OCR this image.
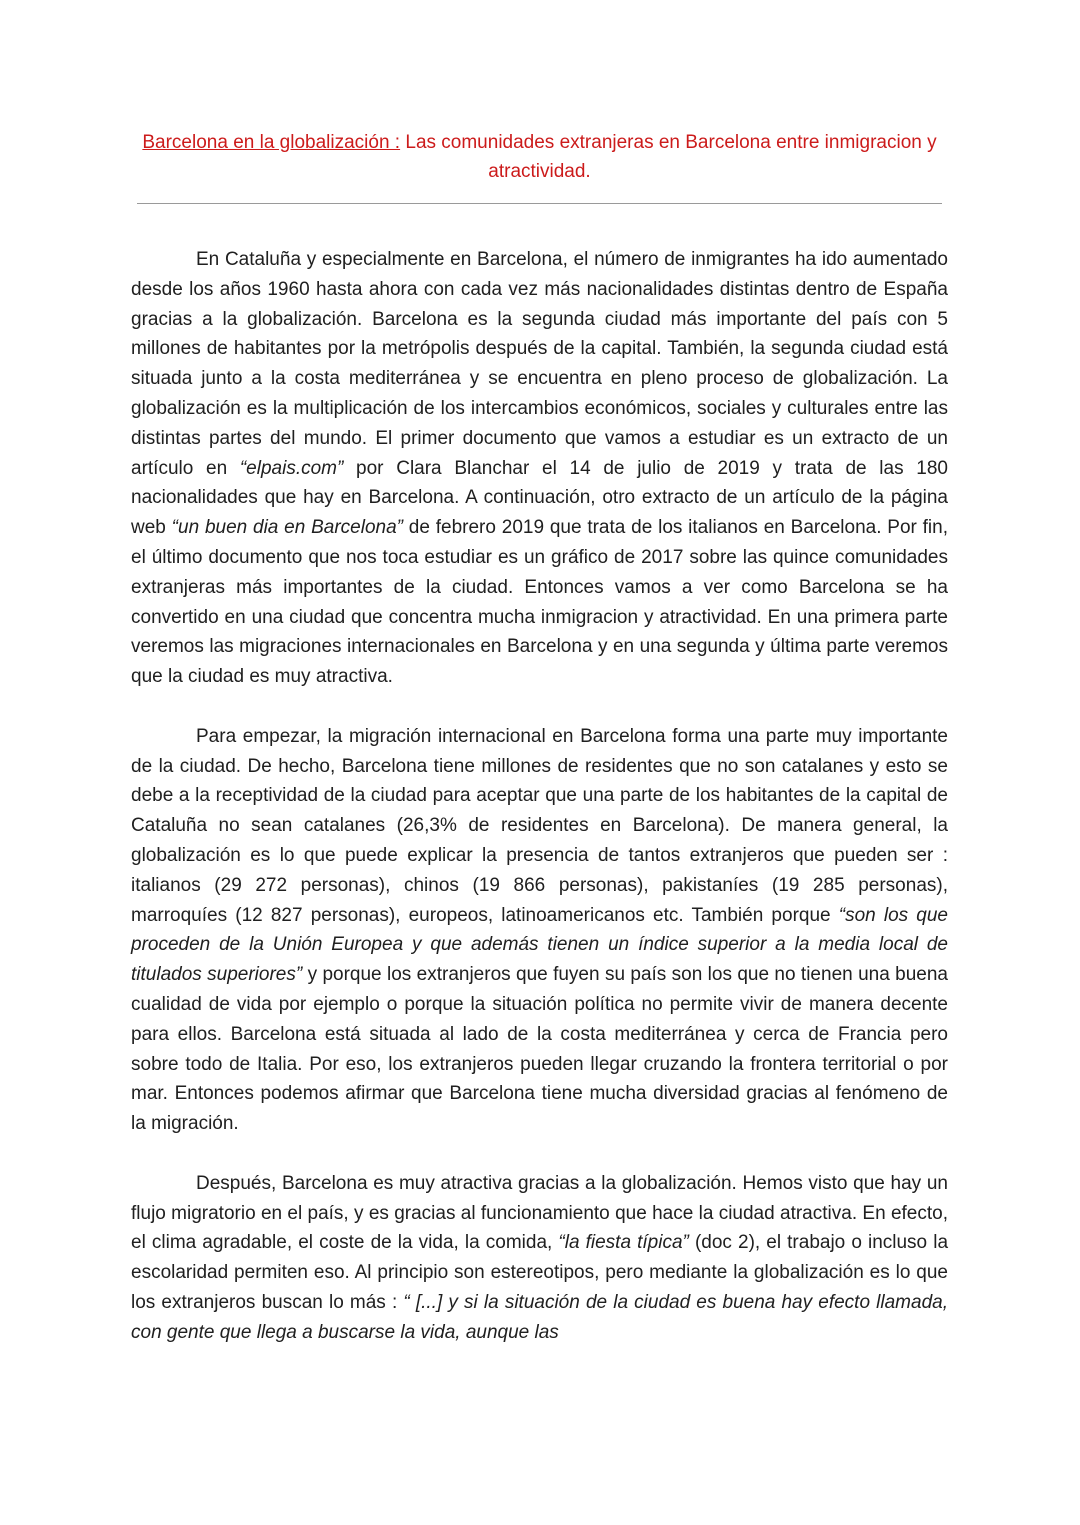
Barcelona en la globalización : Las comunidades extranjeras en Barcelona entre inmigracion y atractividad.

En Cataluña y especialmente en Barcelona, el número de inmigrantes ha ido aumentado desde los años 1960 hasta ahora con cada vez más nacionalidades distintas dentro de España gracias a la globalización. Barcelona es la segunda ciudad más importante del país con 5 millones de habitantes por la metrópolis después de la capital. También, la segunda ciudad está situada junto a la costa mediterránea y se encuentra en pleno proceso de globalización. La globalización es la multiplicación de los intercambios económicos, sociales y culturales entre las distintas partes del mundo. El primer documento que vamos a estudiar es un extracto de un artículo en “elpais.com” por Clara Blanchar el 14 de julio de 2019 y trata de las 180 nacionalidades que hay en Barcelona. A continuación, otro extracto de un artículo de la página web “un buen dia en Barcelona” de febrero 2019 que trata de los italianos en Barcelona. Por fin, el último documento que nos toca estudiar es un gráfico de 2017 sobre las quince comunidades extranjeras más importantes de la ciudad. Entonces vamos a ver como Barcelona se ha convertido en una ciudad que concentra mucha inmigracion y atractividad. En una primera parte veremos las migraciones internacionales en Barcelona y en una segunda y última parte veremos que la ciudad es muy atractiva.

Para empezar, la migración internacional en Barcelona forma una parte muy importante de la ciudad. De hecho, Barcelona tiene millones de residentes que no son catalanes y esto se debe a la receptividad de la ciudad para aceptar que una parte de los habitantes de la capital de Cataluña no sean catalanes (26,3% de residentes en Barcelona). De manera general, la globalización es lo que puede explicar la presencia de tantos extranjeros que pueden ser : italianos (29 272 personas), chinos (19 866 personas), pakistaníes (19 285 personas), marroquíes (12 827 personas), europeos, latinoamericanos etc. También porque “son los que proceden de la Unión Europea y que además tienen un índice superior a la media local de titulados superiores” y porque los extranjeros que fuyen su país son los que no tienen una buena cualidad de vida por ejemplo o porque la situación política no permite vivir de manera decente para ellos. Barcelona está situada al lado de la costa mediterránea y cerca de Francia pero sobre todo de Italia. Por eso, los extranjeros pueden llegar cruzando la frontera territorial o por mar. Entonces podemos afirmar que Barcelona tiene mucha diversidad gracias al fenómeno de la migración.

Después, Barcelona es muy atractiva gracias a la globalización. Hemos visto que hay un flujo migratorio en el país, y es gracias al funcionamiento que hace la ciudad atractiva. En efecto, el clima agradable, el coste de la vida, la comida, “la fiesta típica” (doc 2), el trabajo o incluso la escolaridad permiten eso. Al principio son estereotipos, pero mediante la globalización es lo que los extranjeros buscan lo más : “ [...] y si la situación de la ciudad es buena hay efecto llamada, con gente que llega a buscarse la vida, aunque las
